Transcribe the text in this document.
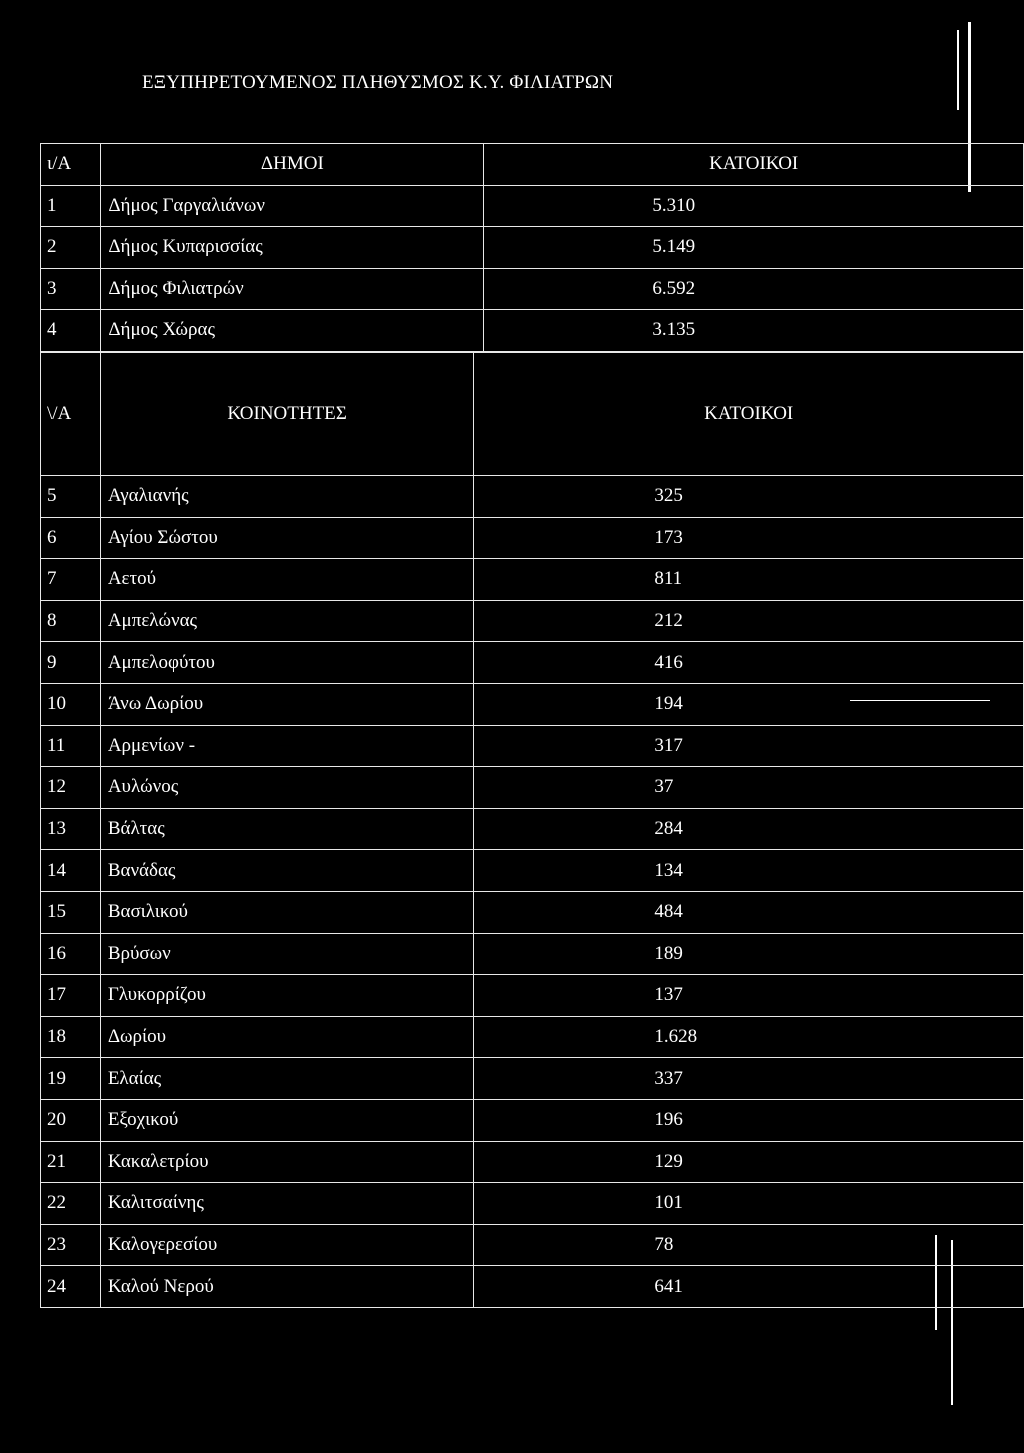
ΕΞΥΠΗΡΕΤΟΥΜΕΝΟΣ ΠΛΗΘΥΣΜΟΣ Κ.Υ. ΦΙΛΙΑΤΡΩΝ
ι/Α	ΔΗΜΟΙ	ΚΑΤΟΙΚΟΙ
1	Δήμος Γαργαλιάνων	5.310
2	Δήμος Κυπαρισσίας	5.149
3	Δήμος Φιλιατρών	6.592
4	Δήμος Χώρας	3.135
\/Α	ΚΟΙΝΟΤΗΤΕΣ	ΚΑΤΟΙΚΟΙ
5	Αγαλιανής	325
6	Αγίου Σώστου	173
7	Αετού	811
8	Αμπελώνας	212
9	Αμπελοφύτου	416
10	Άνω Δωρίου	194
11	Αρμενίων -	317
12	Αυλώνος	37
13	Βάλτας	284
14	Βανάδας	134
15	Βασιλικού	484
16	Βρύσων	189
17	Γλυκορρίζου	137
18	Δωρίου	1.628
19	Ελαίας	337
20	Εξοχικού	196
21	Κακαλετρίου	129
22	Καλιτσαίνης	101
23	Καλογερεσίου	78
24	Καλού Νερού	641
